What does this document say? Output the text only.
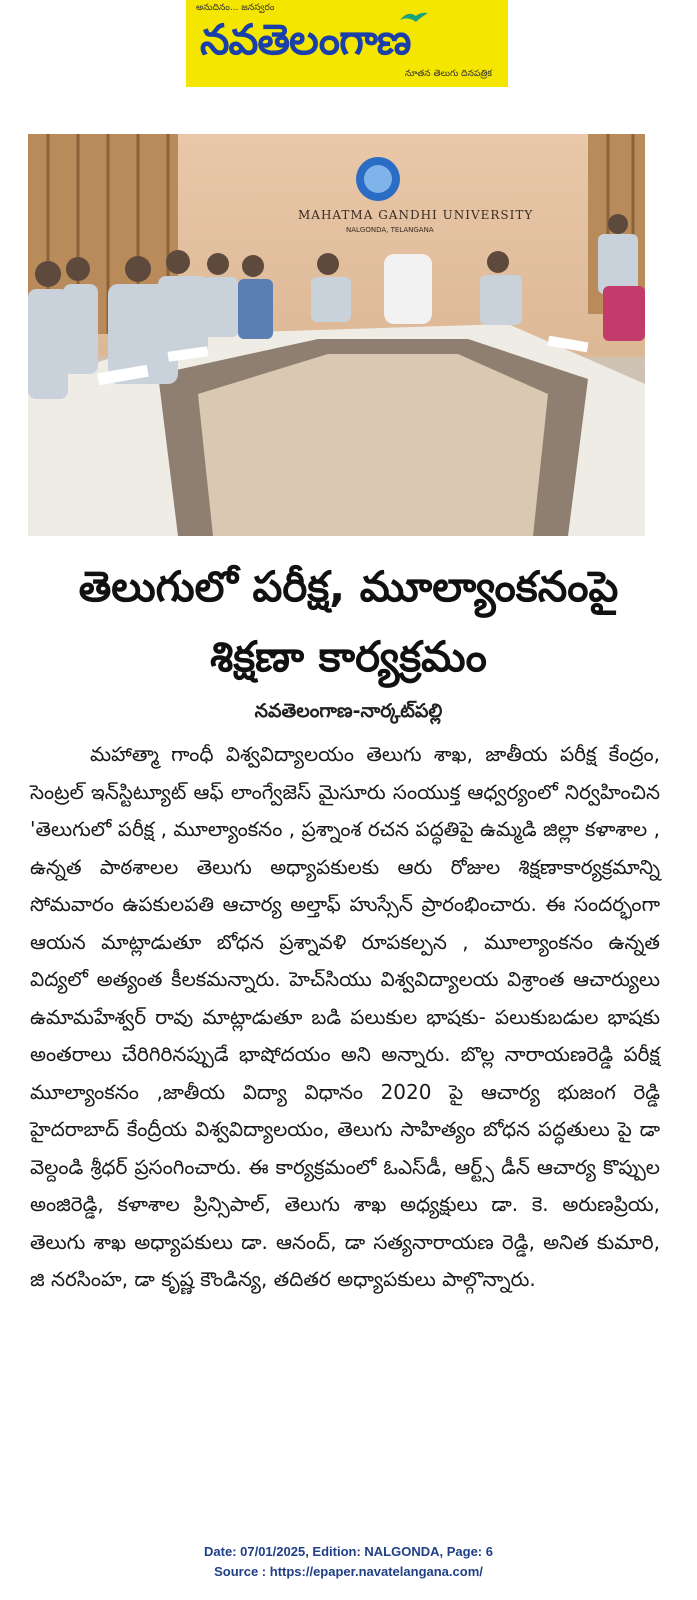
అనుదినం... జనస్వరం
నవతెలంగాణ
నూతన తెలుగు దినపత్రిక
MAHATMA GANDHI UNIVERSITY
NALGONDA, TELANGANA
తెలుగులో పరీక్ష, మూల్యాంకనంపై
శిక్షణా కార్యక్రమం
నవతెలంగాణ-నార్కట్‌పల్లి
మహాత్మా గాంధీ విశ్వవిద్యాలయం తెలుగు శాఖ, జాతీయ పరీక్ష కేంద్రం, సెంట్రల్ ఇన్‌స్టిట్యూట్ ఆఫ్ లాంగ్వేజెస్ మైసూరు సంయుక్త ఆధ్వర్యంలో నిర్వహించిన 'తెలుగులో పరీక్ష , మూల్యాంకనం , ప్రశ్నాంశ రచన పద్ధతిపై ఉమ్మడి జిల్లా కళాశాల , ఉన్నత పాఠశాలల తెలుగు అధ్యాపకులకు ఆరు రోజుల శిక్షణాకార్యక్రమాన్ని సోమవారం ఉపకులపతి ఆచార్య అల్తాఫ్ హుస్సేన్ ప్రారంభించారు. ఈ సందర్భంగా ఆయన మాట్లాడుతూ బోధన ప్రశ్నావళి రూపకల్పన , మూల్యాంకనం ఉన్నత విద్యలో అత్యంత కీలకమన్నారు. హెచ్‌సియు విశ్వవిద్యాలయ విశ్రాంత ఆచార్యులు ఉమామహేశ్వర్ రావు మాట్లాడుతూ బడి పలుకుల భాషకు- పలుకుబడుల భాషకు అంతరాలు చేరిగిరినప్పుడే భాషోదయం అని అన్నారు. బొల్ల నారాయణరెడ్డి పరీక్ష మూల్యాంకనం ,జాతీయ విద్యా విధానం 2020 పై ఆచార్య భుజంగ రెడ్డి హైదరాబాద్ కేంద్రీయ విశ్వవిద్యాలయం, తెలుగు సాహిత్యం బోధన పద్ధతులు పై డా వెల్దండి శ్రీధర్ ప్రసంగించారు. ఈ కార్యక్రమంలో ఓఎస్‌డీ, ఆర్ట్స్ డీన్ ఆచార్య కొప్పుల అంజిరెడ్డి, కళాశాల ప్రిన్సిపాల్, తెలుగు శాఖ అధ్యక్షులు డా. కె. అరుణప్రియ, తెలుగు శాఖ అధ్యాపకులు డా. ఆనంద్, డా సత్యనారాయణ రెడ్డి, అనిత కుమారి, జి నరసింహ, డా కృష్ణ కౌండిన్య, తదితర అధ్యాపకులు పాల్గొన్నారు.
Date: 07/01/2025, Edition: NALGONDA, Page: 6
Source : https://epaper.navatelangana.com/
